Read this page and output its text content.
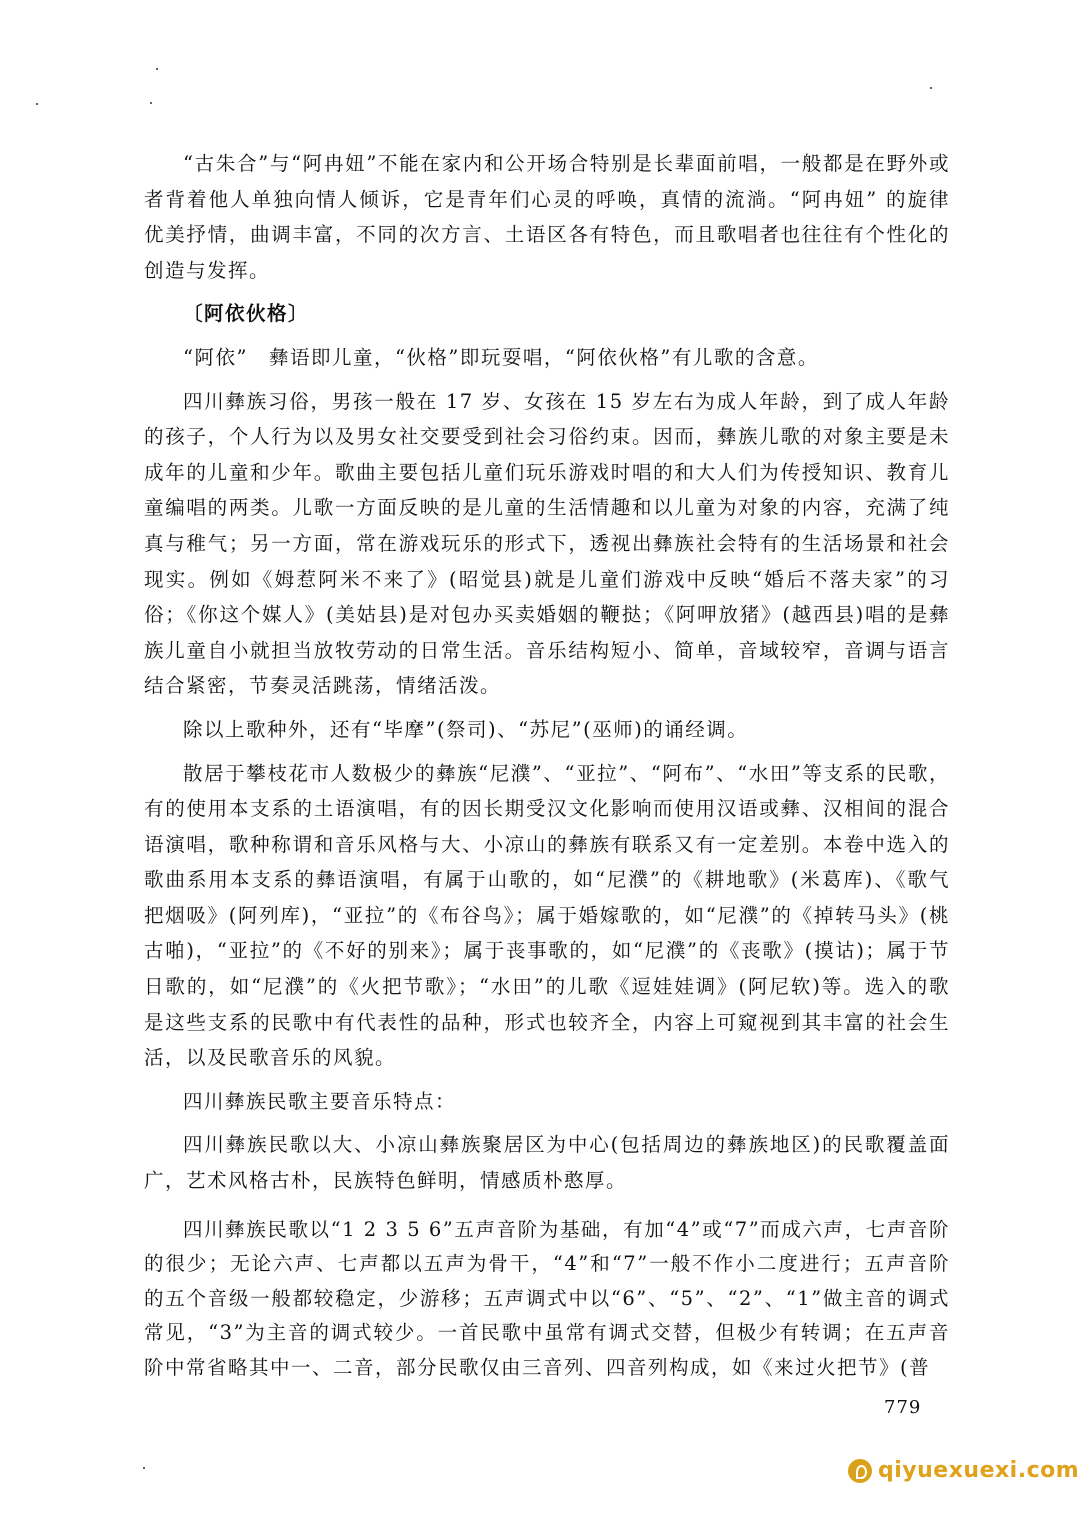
“古朱合”与“阿冉妞”不能在家内和公开场合特别是长辈面前唱，一般都是在野外或者背着他人单独向情人倾诉，它是青年们心灵的呼唤，真情的流淌。“阿冉妞” 的旋律优美抒情，曲调丰富，不同的次方言、土语区各有特色，而且歌唱者也往往有个性化的创造与发挥。

〔阿依伙格〕

“阿依”　彝语即儿童，“伙格”即玩耍唱，“阿依伙格”有儿歌的含意。

四川彝族习俗，男孩一般在 17 岁、女孩在 15 岁左右为成人年龄，到了成人年龄的孩子，个人行为以及男女社交要受到社会习俗约束。因而，彝族儿歌的对象主要是未成年的儿童和少年。歌曲主要包括儿童们玩乐游戏时唱的和大人们为传授知识、教育儿童编唱的两类。儿歌一方面反映的是儿童的生活情趣和以儿童为对象的内容，充满了纯真与稚气；另一方面，常在游戏玩乐的形式下，透视出彝族社会特有的生活场景和社会现实。例如《姆惹阿米不来了》(昭觉县)就是儿童们游戏中反映“婚后不落夫家”的习俗；《你这个媒人》(美姑县)是对包办买卖婚姻的鞭挞；《阿呷放猪》(越西县)唱的是彝族儿童自小就担当放牧劳动的日常生活。音乐结构短小、简单，音域较窄，音调与语言结合紧密，节奏灵活跳荡，情绪活泼。

除以上歌种外，还有“毕摩”(祭司)、“苏尼”(巫师)的诵经调。

散居于攀枝花市人数极少的彝族“尼濮”、“亚拉”、“阿布”、“水田”等支系的民歌，有的使用本支系的土语演唱，有的因长期受汉文化影响而使用汉语或彝、汉相间的混合语演唱，歌种称谓和音乐风格与大、小凉山的彝族有联系又有一定差别。本卷中选入的歌曲系用本支系的彝语演唱，有属于山歌的，如“尼濮”的《耕地歌》(米葛库)、《歌气把烟吸》(阿列库)，“亚拉”的《布谷鸟》；属于婚嫁歌的，如“尼濮”的《掉转马头》(桃古啪)，“亚拉”的《不好的别来》；属于丧事歌的，如“尼濮”的《丧歌》(摸诂)；属于节日歌的，如“尼濮”的《火把节歌》；“水田”的儿歌《逗娃娃调》(阿尼软)等。选入的歌是这些支系的民歌中有代表性的品种，形式也较齐全，内容上可窥视到其丰富的社会生活，以及民歌音乐的风貌。

四川彝族民歌主要音乐特点：

四川彝族民歌以大、小凉山彝族聚居区为中心(包括周边的彝族地区)的民歌覆盖面广，艺术风格古朴，民族特色鲜明，情感质朴憨厚。

四川彝族民歌以“1 2 3 5 6”五声音阶为基础，有加“4”或“7”而成六声，七声音阶的很少；无论六声、七声都以五声为骨干，“4”和“7”一般不作小二度进行；五声音阶的五个音级一般都较稳定，少游移；五声调式中以“6”、“5”、“2”、“1”做主音的调式常见，“3”为主音的调式较少。一首民歌中虽常有调式交替，但极少有转调；在五声音阶中常省略其中一、二音，部分民歌仅由三音列、四音列构成，如《来过火把节》(普

779
qiyuexuexi.com
